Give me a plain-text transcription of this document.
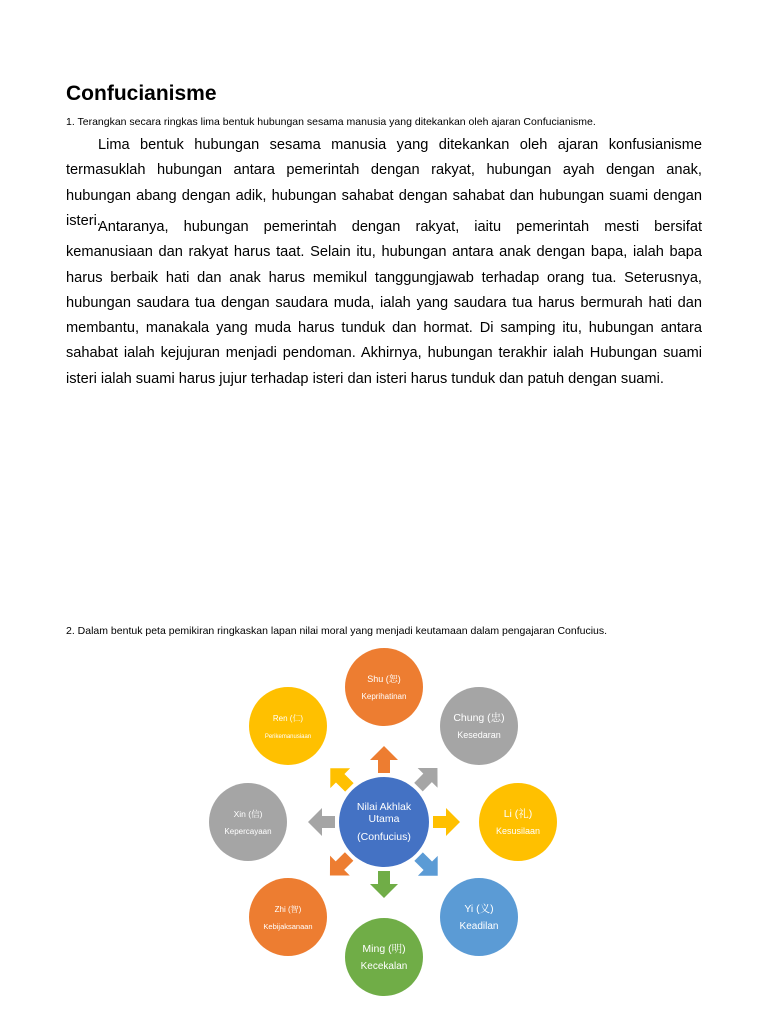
Confucianisme

1. Terangkan secara ringkas lima bentuk hubungan sesama manusia yang ditekankan oleh ajaran Confucianisme.

Lima bentuk hubungan sesama manusia yang ditekankan oleh ajaran konfusianisme termasuklah hubungan antara pemerintah dengan rakyat, hubungan ayah dengan anak, hubungan abang dengan adik, hubungan sahabat dengan sahabat dan hubungan suami dengan isteri.

Antaranya, hubungan pemerintah dengan rakyat, iaitu pemerintah mesti bersifat kemanusiaan dan rakyat harus taat. Selain itu, hubungan antara anak dengan bapa, ialah bapa harus berbaik hati dan anak harus memikul tanggungjawab terhadap orang tua. Seterusnya, hubungan saudara tua dengan saudara muda, ialah yang saudara tua harus bermurah hati dan membantu, manakala yang muda harus tunduk dan hormat. Di samping itu, hubungan antara sahabat ialah kejujuran menjadi pendoman. Akhirnya, hubungan terakhir ialah Hubungan suami isteri ialah suami harus jujur terhadap isteri dan isteri harus tunduk dan patuh dengan suami.

2. Dalam bentuk peta pemikiran ringkaskan lapan nilai moral yang menjadi keutamaan dalam pengajaran Confucius.

Nilai Akhlak
Utama
(Confucius)
Shu (恕)
Keprihatinan
Chung (忠)
Kesedaran
Li (礼)
Kesusilaan
Yi (义)
Keadilan
Ming (明)
Kecekalan
Zhi (智)
Kebijaksanaan
Xin (信)
Kepercayaan
Ren (仁)
Perikemanusiaan
